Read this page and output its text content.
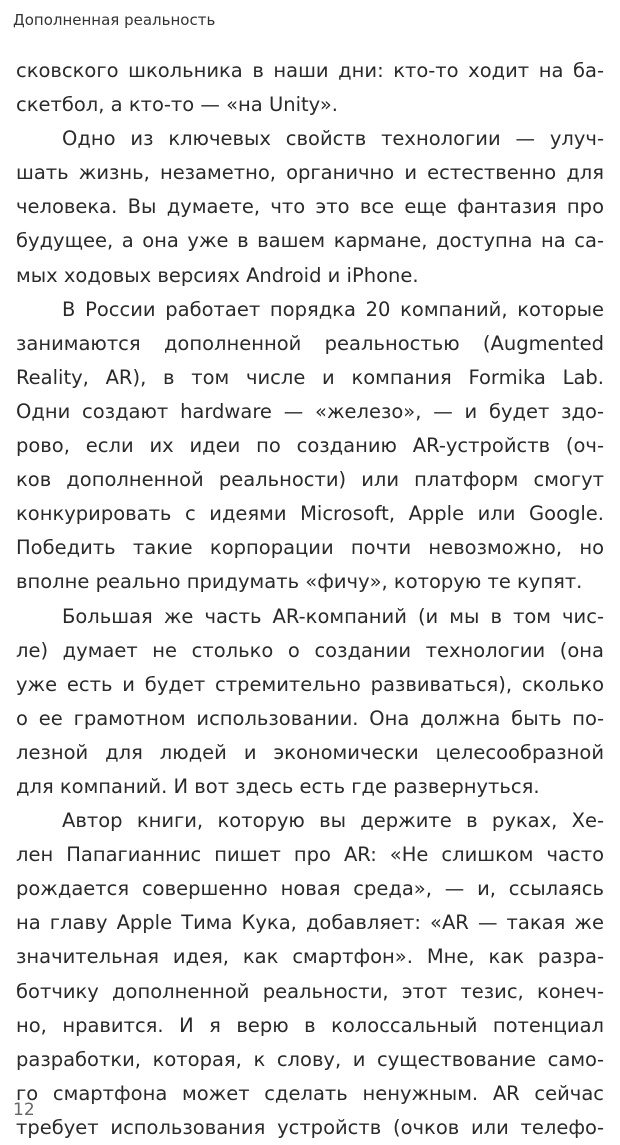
Дополненная реальность
сковского школьника в наши дни: кто-то ходит на ба-
скетбол, а кто-то — «на Unity».
Одно из ключевых свойств технологии — улуч-
шать жизнь, незаметно, органично и естественно для
человека. Вы думаете, что это все еще фантазия про
будущее, а она уже в вашем кармане, доступна на са-
мых ходовых версиях Android и iPhone.
В России работает порядка 20 компаний, которые
занимаются дополненной реальностью (Augmented
Reality, AR), в том числе и компания Formika Lab.
Одни создают hardware — «железо», — и будет здо-
рово, если их идеи по созданию AR-устройств (оч-
ков дополненной реальности) или платформ смогут
конкурировать с идеями Microsoft, Apple или Google.
Победить такие корпорации почти невозможно, но
вполне реально придумать «фичу», которую те купят.
Большая же часть AR-компаний (и мы в том чис-
ле) думает не столько о создании технологии (она
уже есть и будет стремительно развиваться), сколько
о ее грамотном использовании. Она должна быть по-
лезной для людей и экономически целесообразной
для компаний. И вот здесь есть где развернуться.
Автор книги, которую вы держите в руках, Хе-
лен Папагианнис пишет про AR: «Не слишком часто
рождается совершенно новая среда», — и, ссылаясь
на главу Apple Тима Кука, добавляет: «AR — такая же
значительная идея, как смартфон». Мне, как разра-
ботчику дополненной реальности, этот тезис, конеч-
но, нравится. И я верю в колоссальный потенциал
разработки, которая, к слову, и существование само-
го смартфона может сделать ненужным. AR сейчас
требует использования устройств (очков или телефо-
12
